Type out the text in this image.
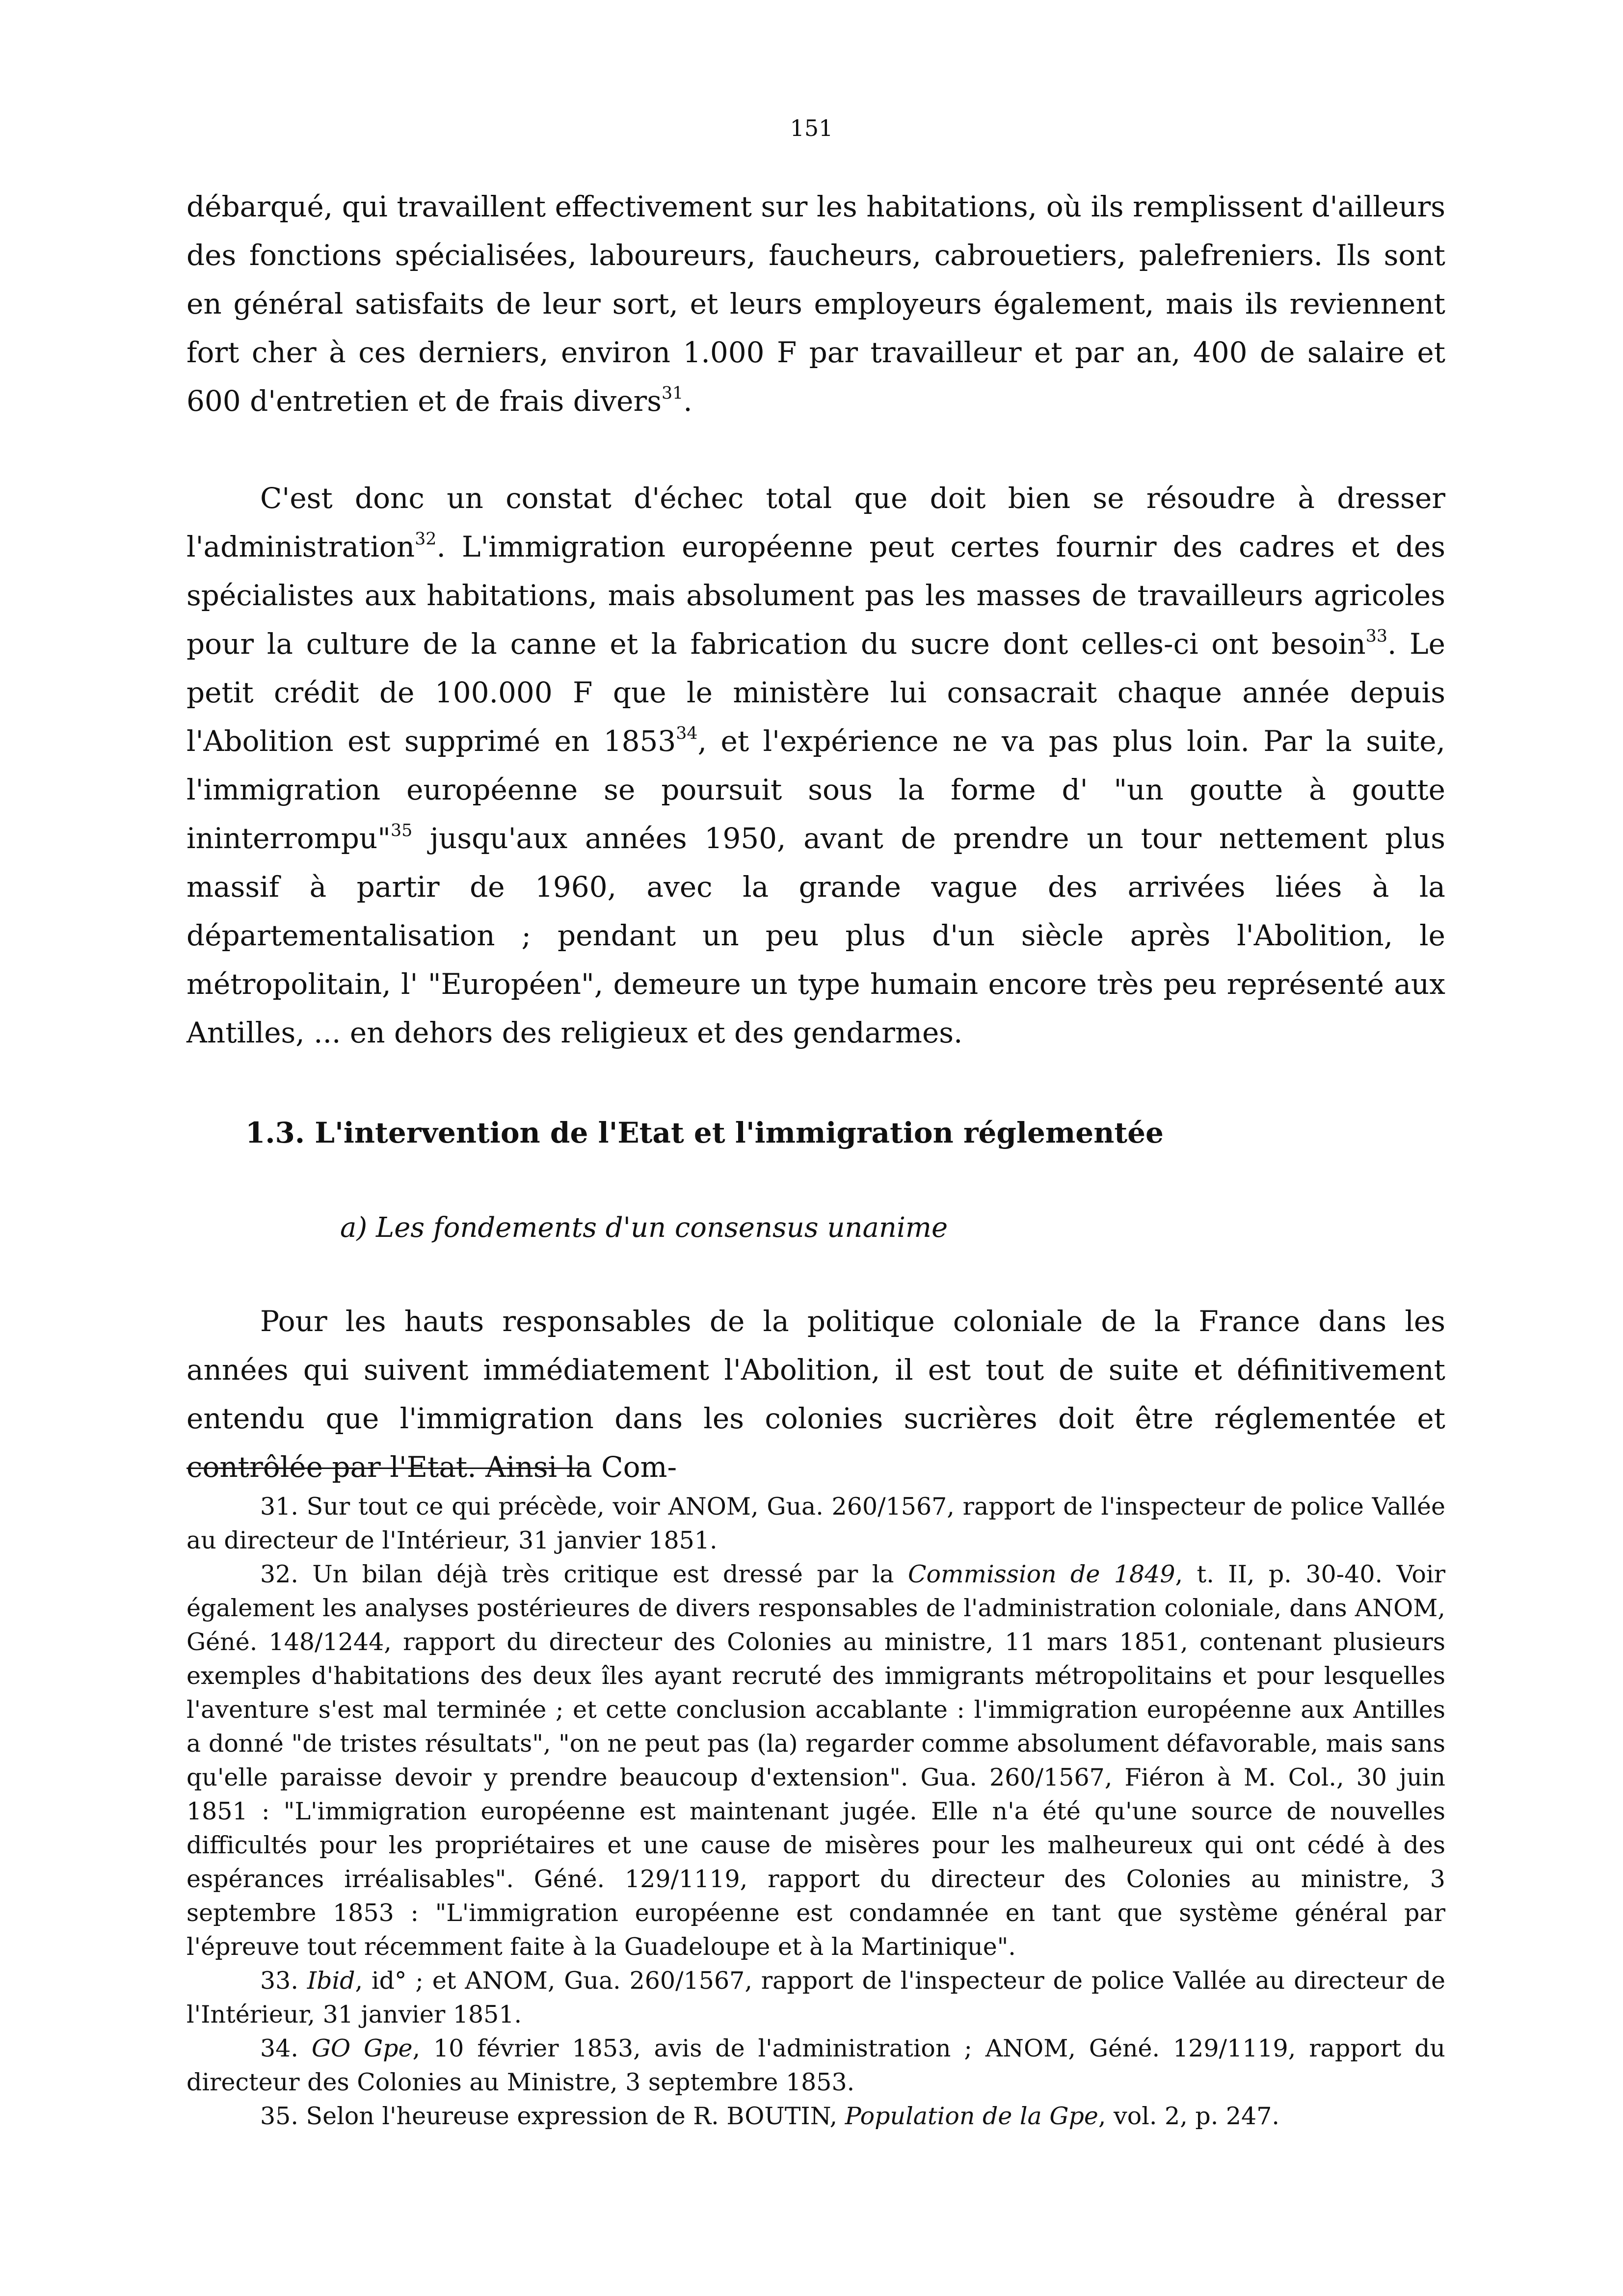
151

débarqué, qui travaillent effectivement sur les habitations, où ils remplissent d'ailleurs des fonctions spécialisées, laboureurs, faucheurs, cabrouetiers, palefreniers. Ils sont en général satisfaits de leur sort, et leurs employeurs également, mais ils reviennent fort cher à ces derniers, environ 1.000 F par travailleur et par an, 400 de salaire et 600 d'entretien et de frais divers$^{31}$.

C'est donc un constat d'échec total que doit bien se résoudre à dresser l'administration$^{32}$. L'immigration européenne peut certes fournir des cadres et des spécialistes aux habitations, mais absolument pas les masses de travailleurs agricoles pour la culture de la canne et la fabrication du sucre dont celles-ci ont besoin$^{33}$. Le petit crédit de 100.000 F que le ministère lui consacrait chaque année depuis l'Abolition est supprimé en 1853$^{34}$, et l'expérience ne va pas plus loin. Par la suite, l'immigration européenne se poursuit sous la forme d' "un goutte à goutte ininterrompu"$^{35}$ jusqu'aux années 1950, avant de prendre un tour nettement plus massif à partir de 1960, avec la grande vague des arrivées liées à la départementalisation ; pendant un peu plus d'un siècle après l'Abolition, le métropolitain, l' "Européen", demeure un type humain encore très peu représenté aux Antilles, ... en dehors des religieux et des gendarmes.

1.3. L'intervention de l'Etat et l'immigration réglementée
a) Les fondements d'un consensus unanime

Pour les hauts responsables de la politique coloniale de la France dans les années qui suivent immédiatement l'Abolition, il est tout de suite et définitivement entendu que l'immigration dans les colonies sucrières doit être réglementée et contrôlée par l'Etat. Ainsi la Com-

31. Sur tout ce qui précède, voir ANOM, Gua. 260/1567, rapport de l'inspecteur de police Vallée au directeur de l'Intérieur, 31 janvier 1851.

32. Un bilan déjà très critique est dressé par la Commission de 1849, t. II, p. 30-40. Voir également les analyses postérieures de divers responsables de l'administration coloniale, dans ANOM, Géné. 148/1244, rapport du directeur des Colonies au ministre, 11 mars 1851, contenant plusieurs exemples d'habitations des deux îles ayant recruté des immigrants métropolitains et pour lesquelles l'aventure s'est mal terminée ; et cette conclusion accablante : l'immigration européenne aux Antilles a donné "de tristes résultats", "on ne peut pas (la) regarder comme absolument défavorable, mais sans qu'elle paraisse devoir y prendre beaucoup d'extension". Gua. 260/1567, Fiéron à M. Col., 30 juin 1851 : "L'immigration européenne est maintenant jugée. Elle n'a été qu'une source de nouvelles difficultés pour les propriétaires et une cause de misères pour les malheureux qui ont cédé à des espérances irréalisables". Géné. 129/1119, rapport du directeur des Colonies au ministre, 3 septembre 1853 : "L'immigration européenne est condamnée en tant que système général par l'épreuve tout récemment faite à la Guadeloupe et à la Martinique".

33. Ibid, id° ; et ANOM, Gua. 260/1567, rapport de l'inspecteur de police Vallée au directeur de l'Intérieur, 31 janvier 1851.

34. GO Gpe, 10 février 1853, avis de l'administration ; ANOM, Géné. 129/1119, rapport du directeur des Colonies au Ministre, 3 septembre 1853.

35. Selon l'heureuse expression de R. BOUTIN, Population de la Gpe, vol. 2, p. 247.
